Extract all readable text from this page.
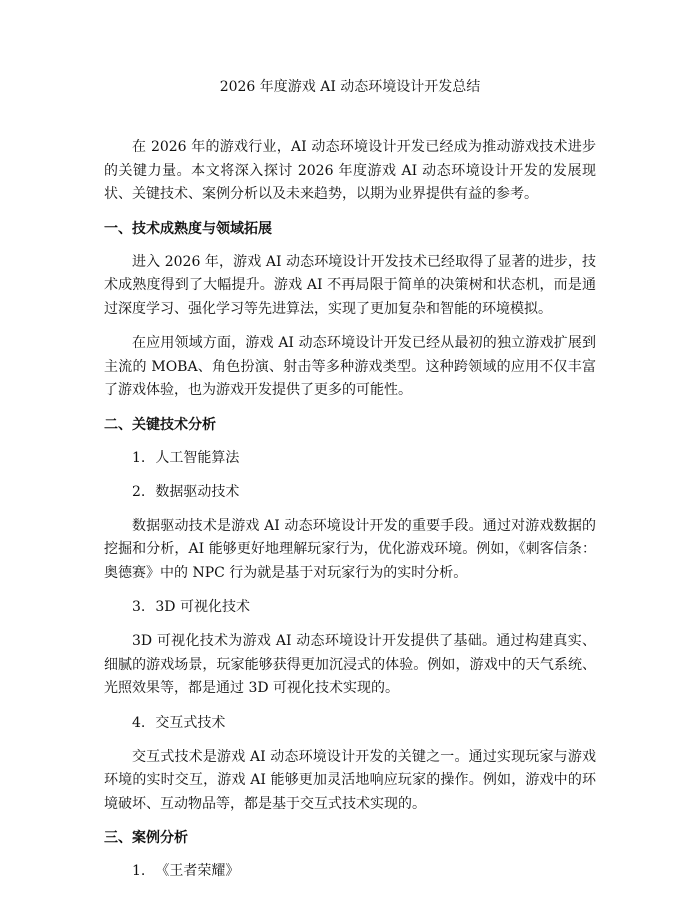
2026 年度游戏 AI 动态环境设计开发总结

在 2026 年的游戏行业，AI 动态环境设计开发已经成为推动游戏技术进步的关键力量。本文将深入探讨 2026 年度游戏 AI 动态环境设计开发的发展现状、关键技术、案例分析以及未来趋势，以期为业界提供有益的参考。

一、技术成熟度与领域拓展

进入 2026 年，游戏 AI 动态环境设计开发技术已经取得了显著的进步，技术成熟度得到了大幅提升。游戏 AI 不再局限于简单的决策树和状态机，而是通过深度学习、强化学习等先进算法，实现了更加复杂和智能的环境模拟。

在应用领域方面，游戏 AI 动态环境设计开发已经从最初的独立游戏扩展到主流的 MOBA、角色扮演、射击等多种游戏类型。这种跨领域的应用不仅丰富了游戏体验，也为游戏开发提供了更多的可能性。

二、关键技术分析
1. 人工智能算法
2. 数据驱动技术

数据驱动技术是游戏 AI 动态环境设计开发的重要手段。通过对游戏数据的挖掘和分析，AI 能够更好地理解玩家行为，优化游戏环境。例如，《刺客信条：奥德赛》中的 NPC 行为就是基于对玩家行为的实时分析。

3. 3D 可视化技术

3D 可视化技术为游戏 AI 动态环境设计开发提供了基础。通过构建真实、细腻的游戏场景，玩家能够获得更加沉浸式的体验。例如，游戏中的天气系统、光照效果等，都是通过 3D 可视化技术实现的。

4. 交互式技术

交互式技术是游戏 AI 动态环境设计开发的关键之一。通过实现玩家与游戏环境的实时交互，游戏 AI 能够更加灵活地响应玩家的操作。例如，游戏中的环境破坏、互动物品等，都是基于交互式技术实现的。

三、案例分析
1. 《王者荣耀》
